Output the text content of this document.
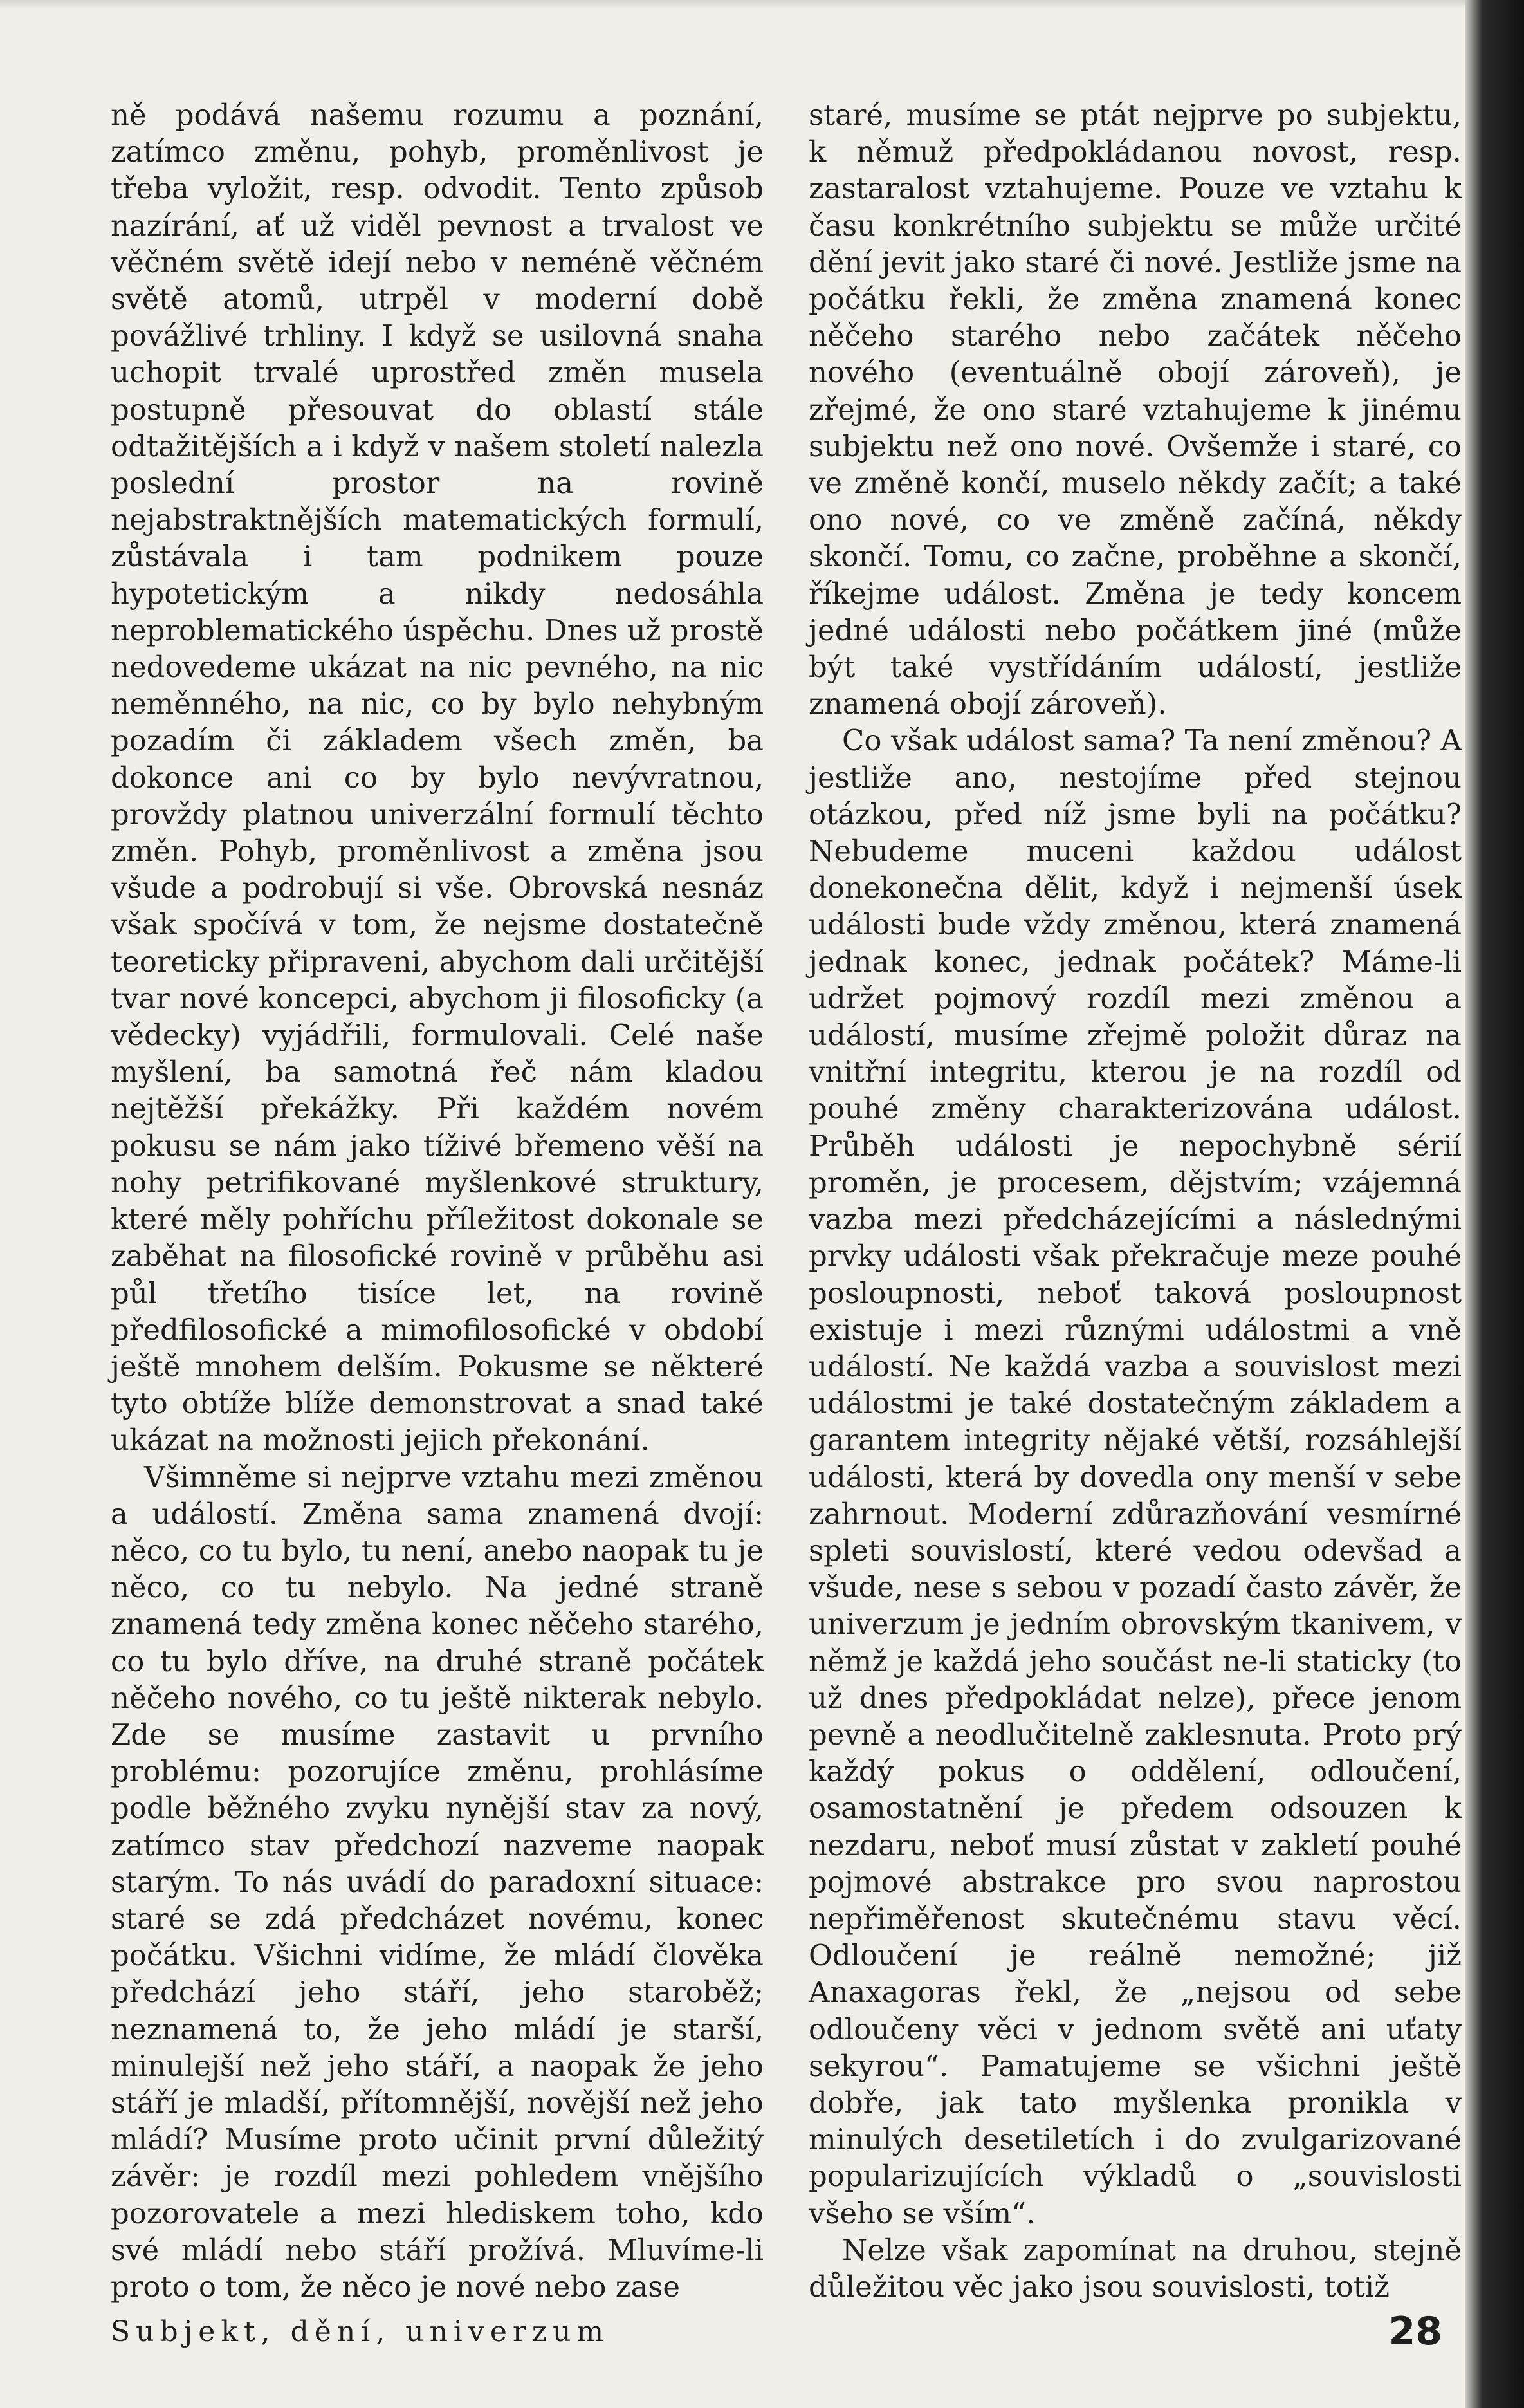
ně podává našemu rozumu a poznání, zatímco změnu, pohyb, proměnlivost je třeba vyložit, resp. odvodit. Tento způsob nazírání, ať už viděl pevnost a trvalost ve věčném světě idejí nebo v neméně věčném světě atomů, utrpěl v moderní době povážlivé trhliny. I když se usilovná snaha uchopit trvalé uprostřed změn musela postupně přesouvat do oblastí stále odtažitějších a i když v našem století nalezla poslední prostor na rovině nejabstraktnějších matematických formulí, zůstávala i tam podnikem pouze hypotetickým a nikdy nedosáhla neproblematického úspěchu. Dnes už prostě nedovedeme ukázat na nic pevného, na nic neměnného, na nic, co by bylo nehybným pozadím či základem všech změn, ba dokonce ani co by bylo nevývratnou, provždy platnou univerzální formulí těchto změn. Pohyb, proměnlivost a změna jsou všude a podrobují si vše. Obrovská nesnáz však spočívá v tom, že nejsme dostatečně teoreticky připraveni, abychom dali určitější tvar nové koncepci, abychom ji filosoficky (a vědecky) vyjádřili, formulovali. Celé naše myšlení, ba samotná řeč nám kladou nejtěžší překážky. Při každém novém pokusu se nám jako tíživé břemeno věší na nohy petrifikované myšlenkové struktury, které měly pohříchu příležitost dokonale se zaběhat na filosofické rovině v průběhu asi půl třetího tisíce let, na rovině předfilosofické a mimofilosofické v období ještě mnohem delším. Pokusme se některé tyto obtíže blíže demonstrovat a snad také ukázat na možnosti jejich překonání.

Všimněme si nejprve vztahu mezi změnou a událostí. Změna sama znamená dvojí: něco, co tu bylo, tu není, anebo naopak tu je něco, co tu nebylo. Na jedné straně znamená tedy změna konec něčeho starého, co tu bylo dříve, na druhé straně počátek něčeho nového, co tu ještě nikterak nebylo. Zde se musíme zastavit u prvního problému: pozorujíce změnu, prohlásíme podle běžného zvyku nynější stav za nový, zatímco stav předchozí nazveme naopak starým. To nás uvádí do paradoxní situace: staré se zdá předcházet novému, konec počátku. Všichni vidíme, že mládí člověka předchází jeho stáří, jeho staroběž; neznamená to, že jeho mládí je starší, minulejší než jeho stáří, a naopak že jeho stáří je mladší, přítomnější, novější než jeho mládí? Musíme proto učinit první důležitý závěr: je rozdíl mezi pohledem vnějšího pozorovatele a mezi hlediskem toho, kdo své mládí nebo stáří prožívá. Mluvíme-li proto o tom, že něco je nové nebo zase

staré, musíme se ptát nejprve po subjektu, k němuž předpokládanou novost, resp. zastaralost vztahujeme. Pouze ve vztahu k času konkrétního subjektu se může určité dění jevit jako staré či nové. Jestliže jsme na počátku řekli, že změna znamená konec něčeho starého nebo začátek něčeho nového (eventuálně obojí zároveň), je zřejmé, že ono staré vztahujeme k jinému subjektu než ono nové. Ovšemže i staré, co ve změně končí, muselo někdy začít; a také ono nové, co ve změně začíná, někdy skončí. Tomu, co začne, proběhne a skončí, říkejme událost. Změna je tedy koncem jedné události nebo počátkem jiné (může být také vystřídáním událostí, jestliže znamená obojí zároveň).

Co však událost sama? Ta není změnou? A jestliže ano, nestojíme před stejnou otázkou, před níž jsme byli na počátku? Nebudeme muceni každou událost donekonečna dělit, když i nejmenší úsek události bude vždy změnou, která znamená jednak konec, jednak počátek? Máme-li udržet pojmový rozdíl mezi změnou a událostí, musíme zřejmě položit důraz na vnitřní integritu, kterou je na rozdíl od pouhé změny charakterizována událost. Průběh události je nepochybně sérií proměn, je procesem, dějstvím; vzájemná vazba mezi předcházejícími a následnými prvky události však překračuje meze pouhé posloupnosti, neboť taková posloupnost existuje i mezi různými událostmi a vně událostí. Ne každá vazba a souvislost mezi událostmi je také dostatečným základem a garantem integrity nějaké větší, rozsáhlejší události, která by dovedla ony menší v sebe zahrnout. Moderní zdůrazňování vesmírné spleti souvislostí, které vedou odevšad a všude, nese s sebou v pozadí často závěr, že univerzum je jedním obrovským tkanivem, v němž je každá jeho součást ne-li staticky (to už dnes předpokládat nelze), přece jenom pevně a neodlučitelně zaklesnuta. Proto prý každý pokus o oddělení, odloučení, osamostatnění je předem odsouzen k nezdaru, neboť musí zůstat v zakletí pouhé pojmové abstrakce pro svou naprostou nepřiměřenost skutečnému stavu věcí. Odloučení je reálně nemožné; již Anaxagoras řekl, že „nejsou od sebe odloučeny věci v jednom světě ani uťaty sekyrou“. Pamatujeme se všichni ještě dobře, jak tato myšlenka pronikla v minulých desetiletích i do zvulgarizované popularizujících výkladů o „souvislosti všeho se vším“.

Nelze však zapomínat na druhou, stejně důležitou věc jako jsou souvislosti, totiž

Subjekt, dění, univerzum	28
